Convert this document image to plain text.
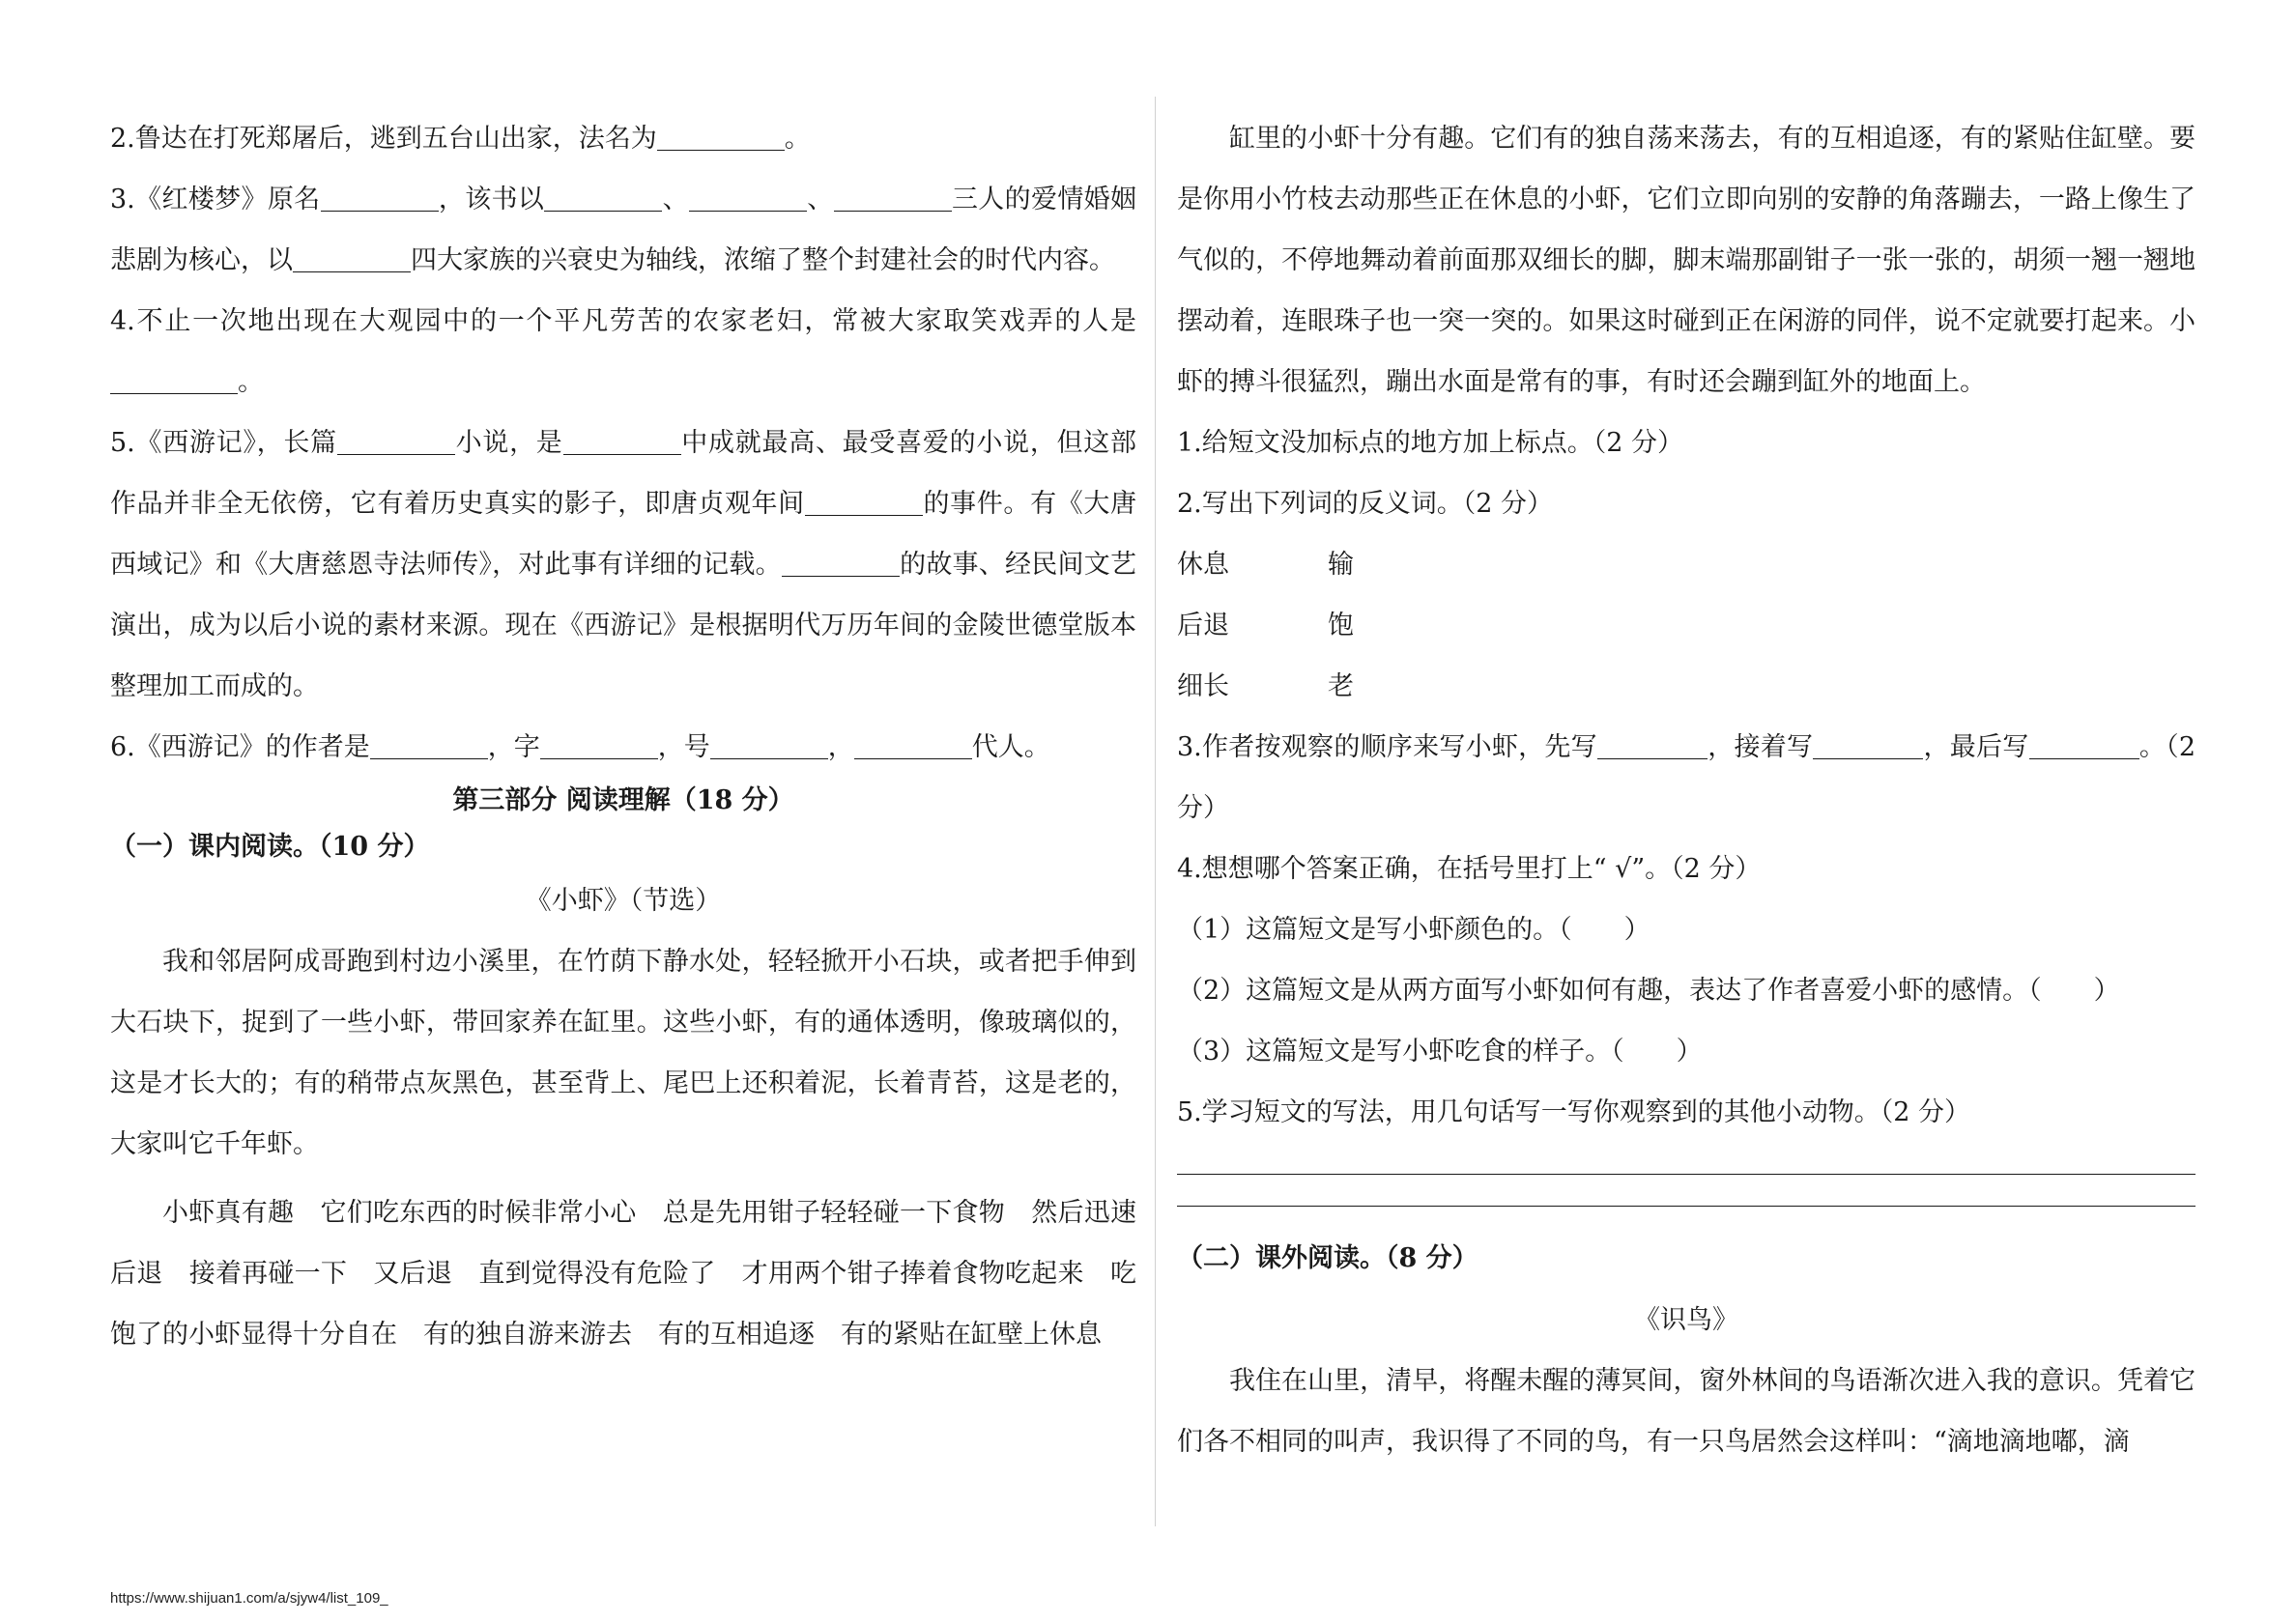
2.鲁达在打死郑屠后，逃到五台山出家，法名为	。

3.《红楼梦》原名	，该书以	、	、	三人的爱情婚姻悲剧为核心，以	四大家族的兴衰史为轴线，浓缩了整个封建社会的时代内容。

4.不止一次地出现在大观园中的一个平凡劳苦的农家老妇，常被大家取笑戏弄的人是。

5.《西游记》，长篇	小说，是	中成就最高、最受喜爱的小说，但这部作品并非全无依傍，它有着历史真实的影子，即唐贞观年间	的事件。有《大唐西域记》和《大唐慈恩寺法师传》，对此事有详细的记载。	的故事、经民间文艺演出，成为以后小说的素材来源。现在《西游记》是根据明代万历年间的金陵世德堂版本整理加工而成的。

6.《西游记》的作者是	，字	，号	，	代人。

第三部分 阅读理解（18 分）
（一）课内阅读。（10 分）

《小虾》（节选）

我和邻居阿成哥跑到村边小溪里，在竹荫下静水处，轻轻掀开小石块，或者把手伸到大石块下，捉到了一些小虾，带回家养在缸里。这些小虾，有的通体透明，像玻璃似的，这是才长大的；有的稍带点灰黑色，甚至背上、尾巴上还积着泥，长着青苔，这是老的，大家叫它千年虾。

小虾真有趣　它们吃东西的时候非常小心　总是先用钳子轻轻碰一下食物　然后迅速后退　接着再碰一下　又后退　直到觉得没有危险了　才用两个钳子捧着食物吃起来　吃饱了的小虾显得十分自在　有的独自游来游去　有的互相追逐　有的紧贴在缸壁上休息

缸里的小虾十分有趣。它们有的独自荡来荡去，有的互相追逐，有的紧贴住缸壁。要是你用小竹枝去动那些正在休息的小虾，它们立即向别的安静的角落蹦去，一路上像生了气似的，不停地舞动着前面那双细长的脚，脚末端那副钳子一张一张的，胡须一翘一翘地摆动着，连眼珠子也一突一突的。如果这时碰到正在闲游的同伴，说不定就要打起来。小虾的搏斗很猛烈，蹦出水面是常有的事，有时还会蹦到缸外的地面上。

1.给短文没加标点的地方加上标点。（2 分）

2.写出下列词的反义词。（2 分）

休息	输
后退	饱
细长	老

3.作者按观察的顺序来写小虾，先写	，接着写	，最后写	。（2 分）

4.想想哪个答案正确，在括号里打上“ √”。（2 分）

（1）这篇短文是写小虾颜色的。（　　）

（2）这篇短文是从两方面写小虾如何有趣，表达了作者喜爱小虾的感情。（　　）

（3）这篇短文是写小虾吃食的样子。（　　）

5.学习短文的写法，用几句话写一写你观察到的其他小动物。（2 分）

（二）课外阅读。（8 分）

《识鸟》

我住在山里，清早，将醒未醒的薄冥间，窗外林间的鸟语渐次进入我的意识。凭着它们各不相同的叫声，我识得了不同的鸟，有一只鸟居然会这样叫：“滴地滴地嘟，滴

https://www.shijuan1.com/a/sjyw4/list_109_
